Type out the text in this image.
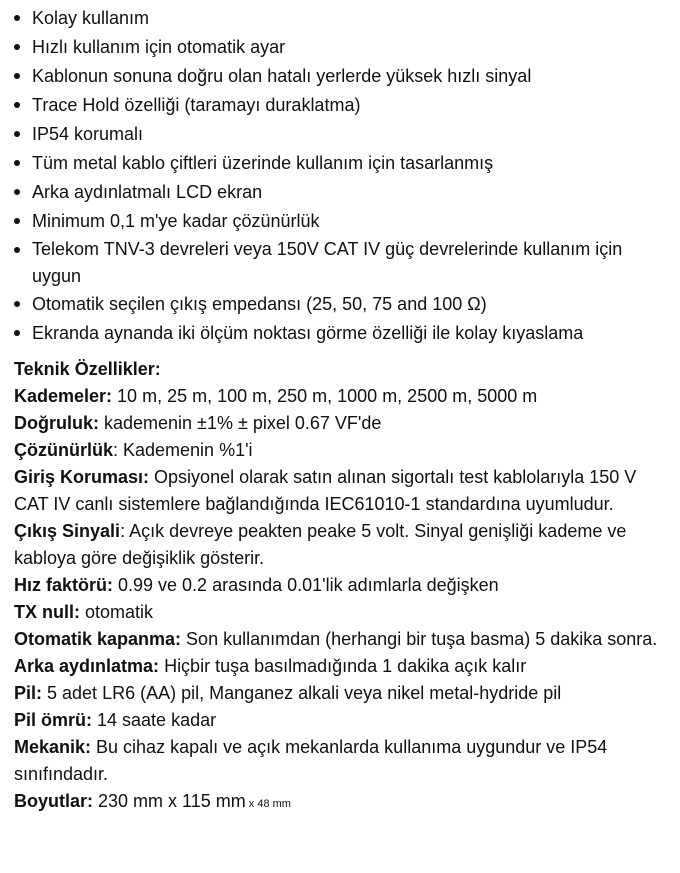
Kolay kullanım
Hızlı kullanım için otomatik ayar
Kablonun sonuna doğru olan hatalı yerlerde yüksek hızlı sinyal
Trace Hold özelliği (taramayı duraklatma)
IP54 korumalı
Tüm metal kablo çiftleri üzerinde kullanım için tasarlanmış
Arka aydınlatmalı LCD ekran
Minimum 0,1 m'ye kadar çözünürlük
Telekom TNV-3 devreleri veya 150V CAT IV güç devrelerinde kullanım için uygun
Otomatik seçilen çıkış empedansı (25, 50, 75 and 100 Ω)
Ekranda aynanda iki ölçüm noktası görme özelliği ile kolay kıyaslama
Teknik Özellikler:
Kademeler: 10 m, 25 m, 100 m, 250 m, 1000 m, 2500 m, 5000 m
Doğruluk: kademenin ±1% ± pixel 0.67 VF'de
Çözünürlük: Kademenin %1'i
Giriş Koruması: Opsiyonel olarak satın alınan sigortalı test kablolarıyla 150 V CAT IV canlı sistemlere bağlandığında IEC61010-1 standardına uyumludur.
Çıkış Sinyali: Açık devreye peakten peake 5 volt. Sinyal genişliği kademe ve kabloya göre değişiklik gösterir.
Hız faktörü: 0.99 ve 0.2 arasında 0.01'lik adımlarla değişken
TX null: otomatik
Otomatik kapanma: Son kullanımdan (herhangi bir tuşa basma) 5 dakika sonra.
Arka aydınlatma: Hiçbir tuşa basılmadığında 1 dakika açık kalır
Pil: 5 adet LR6 (AA) pil, Manganez alkali veya nikel metal-hydride pil
Pil ömrü: 14 saate kadar
Mekanik: Bu cihaz kapalı ve açık mekanlarda kullanıma uygundur ve IP54 sınıfındadır.
Boyutlar: 230 mm x 115 mm x 48 mm
